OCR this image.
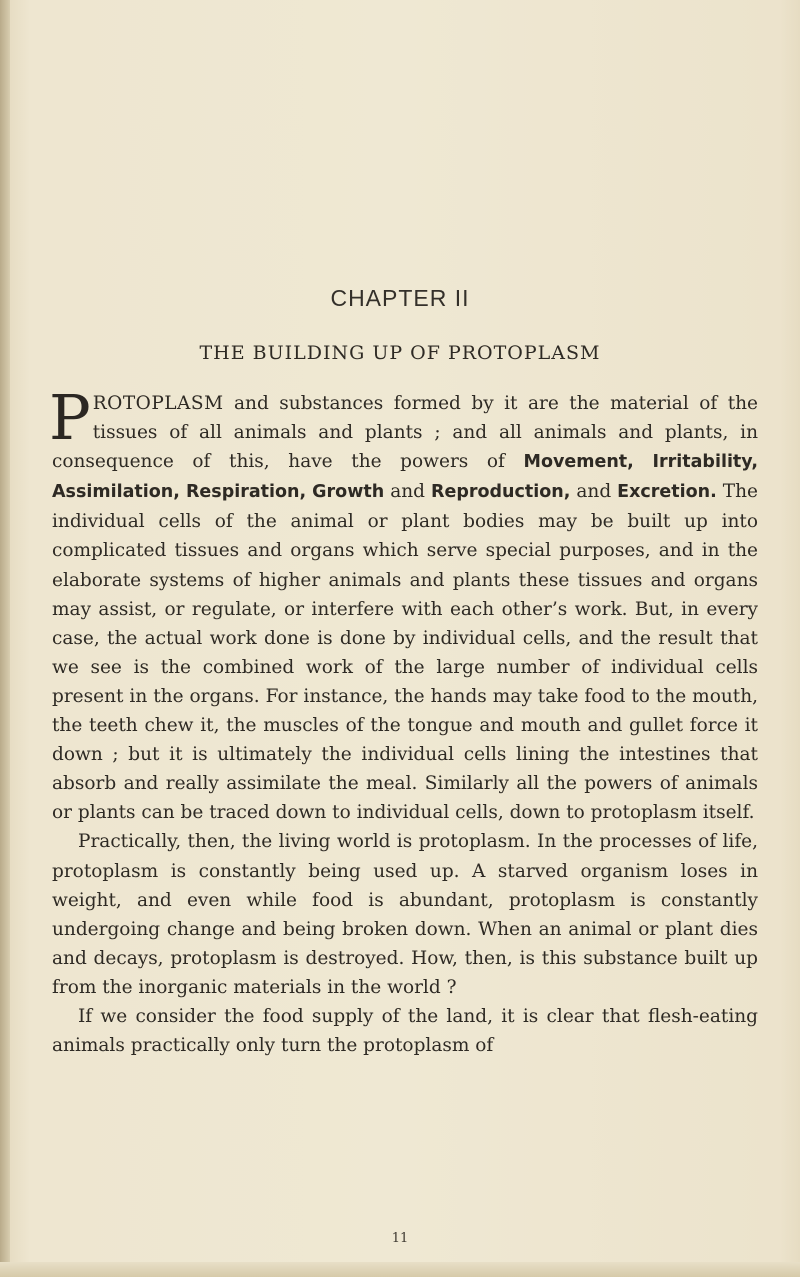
CHAPTER II
THE BUILDING UP OF PROTOPLASM

PROTOPLASM and substances formed by it are the material of the tissues of all animals and plants ; and all animals and plants, in consequence of this, have the powers of Movement, Irritability, Assimilation, Respiration, Growth and Reproduction, and Excretion. The individual cells of the animal or plant bodies may be built up into complicated tissues and organs which serve special purposes, and in the elaborate systems of higher animals and plants these tissues and organs may assist, or regulate, or interfere with each other’s work. But, in every case, the actual work done is done by individual cells, and the result that we see is the combined work of the large number of individual cells present in the organs. For instance, the hands may take food to the mouth, the teeth chew it, the muscles of the tongue and mouth and gullet force it down ; but it is ultimately the individual cells lining the intestines that absorb and really assimilate the meal. Similarly all the powers of animals or plants can be traced down to individual cells, down to protoplasm itself.

Practically, then, the living world is protoplasm. In the processes of life, protoplasm is constantly being used up. A starved organism loses in weight, and even while food is abundant, protoplasm is constantly undergoing change and being broken down. When an animal or plant dies and decays, protoplasm is destroyed. How, then, is this substance built up from the inorganic materials in the world ?

If we consider the food supply of the land, it is clear that flesh-eating animals practically only turn the protoplasm of

11
